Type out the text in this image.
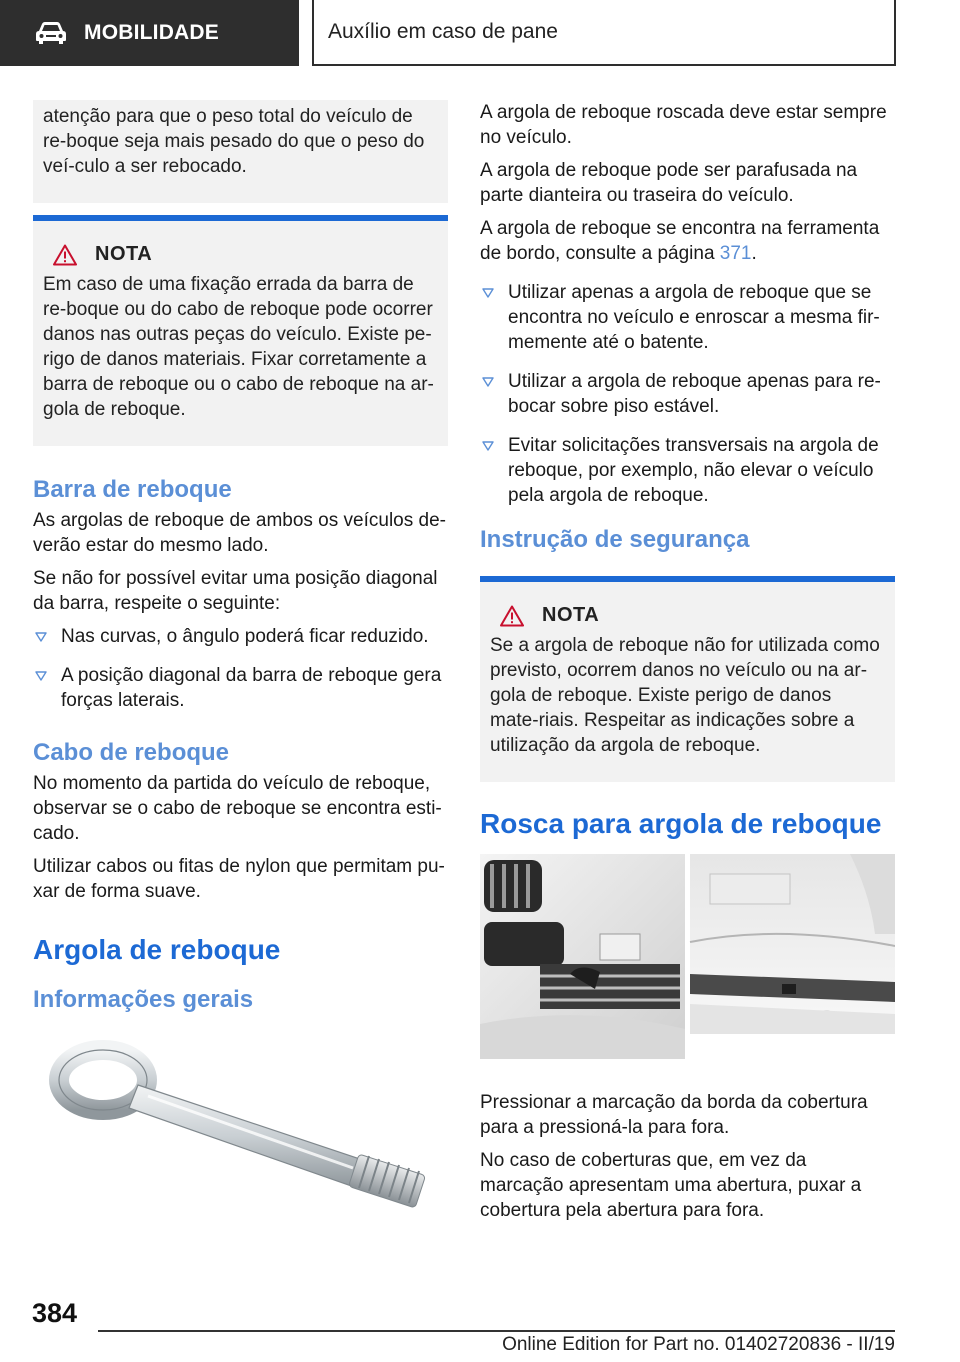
MOBILIDADE	Auxílio em caso de pane
atenção para que o peso total do veículo de re-boque seja mais pesado do que o peso do veí-culo a ser rebocado.
NOTA
Em caso de uma fixação errada da barra de re-boque ou do cabo de reboque pode ocorrer danos nas outras peças do veículo. Existe pe-rigo de danos materiais. Fixar corretamente a barra de reboque ou o cabo de reboque na ar-gola de reboque.
Barra de reboque

As argolas de reboque de ambos os veículos de-verão estar do mesmo lado.

Se não for possível evitar uma posição diagonal da barra, respeite o seguinte:

Nas curvas, o ângulo poderá ficar reduzido.
A posição diagonal da barra de reboque gera forças laterais.
Cabo de reboque

No momento da partida do veículo de reboque, observar se o cabo de reboque se encontra esti-cado.

Utilizar cabos ou fitas de nylon que permitam pu-xar de forma suave.

Argola de reboque
Informações gerais

A argola de reboque roscada deve estar sempre no veículo.

A argola de reboque pode ser parafusada na parte dianteira ou traseira do veículo.

A argola de reboque se encontra na ferramenta de bordo, consulte a página 371.

Utilizar apenas a argola de reboque que se encontra no veículo e enroscar a mesma fir-memente até o batente.
Utilizar a argola de reboque apenas para re-bocar sobre piso estável.
Evitar solicitações transversais na argola de reboque, por exemplo, não elevar o veículo pela argola de reboque.
Instrução de segurança
NOTA
Se a argola de reboque não for utilizada como previsto, ocorrem danos no veículo ou na ar-gola de reboque. Existe perigo de danos mate-riais. Respeitar as indicações sobre a utilização da argola de reboque.
Rosca para argola de reboque

Pressionar a marcação da borda da cobertura para a pressioná-la para fora.

No caso de coberturas que, em vez da marcação apresentam uma abertura, puxar a cobertura pela abertura para fora.

384
Online Edition for Part no. 01402720836 - II/19
